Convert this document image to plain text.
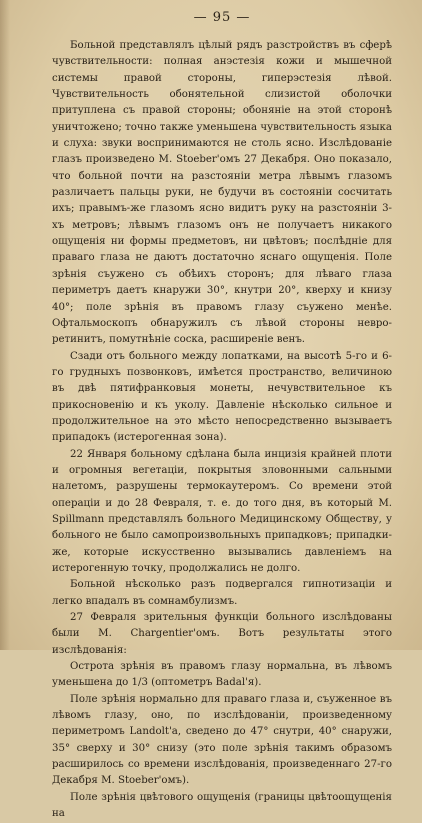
— 95 —

Больной представлялъ цѣлый рядъ разстройствъ въ сферѣ чувствительности: полная анэстезія кожи и мышечной системы правой стороны, гиперэстезія лѣвой. Чувствительность обонятельной слизистой оболочки притуплена съ правой стороны; обоняніе на этой сторонѣ уничтожено; точно также уменьшена чувствительность языка и слуха: звуки воспринимаются не столь ясно. Изслѣдованіе глазъ произведено M. Stoeber'омъ 27 Декабря. Оно показало, что больной почти на разстояніи метра лѣвымъ глазомъ различаетъ пальцы руки, не будучи въ состояніи сосчитать ихъ; правымъ-же глазомъ ясно видитъ руку на разстояніи 3-хъ метровъ; лѣвымъ глазомъ онъ не получаетъ никакого ощущенія ни формы предметовъ, ни цвѣтовъ; послѣдніе для праваго глаза не даютъ достаточно яснаго ощущенія. Поле зрѣнія съужено съ обѣихъ сторонъ; для лѣваго глаза периметръ даетъ кнаружи 30°, кнутри 20°, кверху и книзу 40°; поле зрѣнія въ правомъ глазу съужено менѣе. Офтальмоскопъ обнаружилъ съ лѣвой стороны невро-ретинитъ, помутнѣніе соска, расширеніе венъ.

Сзади отъ больного между лопатками, на высотѣ 5-го и 6-го грудныхъ позвонковъ, имѣется пространство, величиною въ двѣ пятифранковыя монеты, нечувствительное къ прикосновенію и къ уколу. Давленіе нѣсколько сильное и продолжительное на это мѣсто непосредственно вызываетъ припадокъ (истерогенная зона).

22 Января больному сдѣлана была инцизія крайней плоти и огромныя вегетаціи, покрытыя зловонными сальными налетомъ, разрушены термокаутеромъ. Со времени этой операціи и до 28 Февраля, т. е. до того дня, въ который M. Spillmann представлялъ больного Медицинскому Обществу, у больного не было самопроизвольныхъ припадковъ; припадки-же, которые искусственно вызывались давленіемъ на истерогенную точку, продолжались не долго.

Больной нѣсколько разъ подвергался гипнотизаціи и легко впадалъ въ сомнамбулизмъ.

27 Февраля зрительныя функціи больного изслѣдованы были M. Chargentier'омъ. Вотъ результаты этого изслѣдованія:

Острота зрѣнія въ правомъ глазу нормальна, въ лѣвомъ уменьшена до 1/3 (оптометръ Badal'я).

Поле зрѣнія нормально для праваго глаза и, съуженное въ лѣвомъ глазу, оно, по изслѣдованіи, произведенному периметромъ Landolt'а, сведено до 47° снутри, 40° снаружи, 35° сверху и 30° снизу (это поле зрѣнія такимъ образомъ расширилось со времени изслѣдованія, произведеннаго 27-го Декабря M. Stoeber'омъ).

Поле зрѣнія цвѣтового ощущенія (границы цвѣтоощущенія на
